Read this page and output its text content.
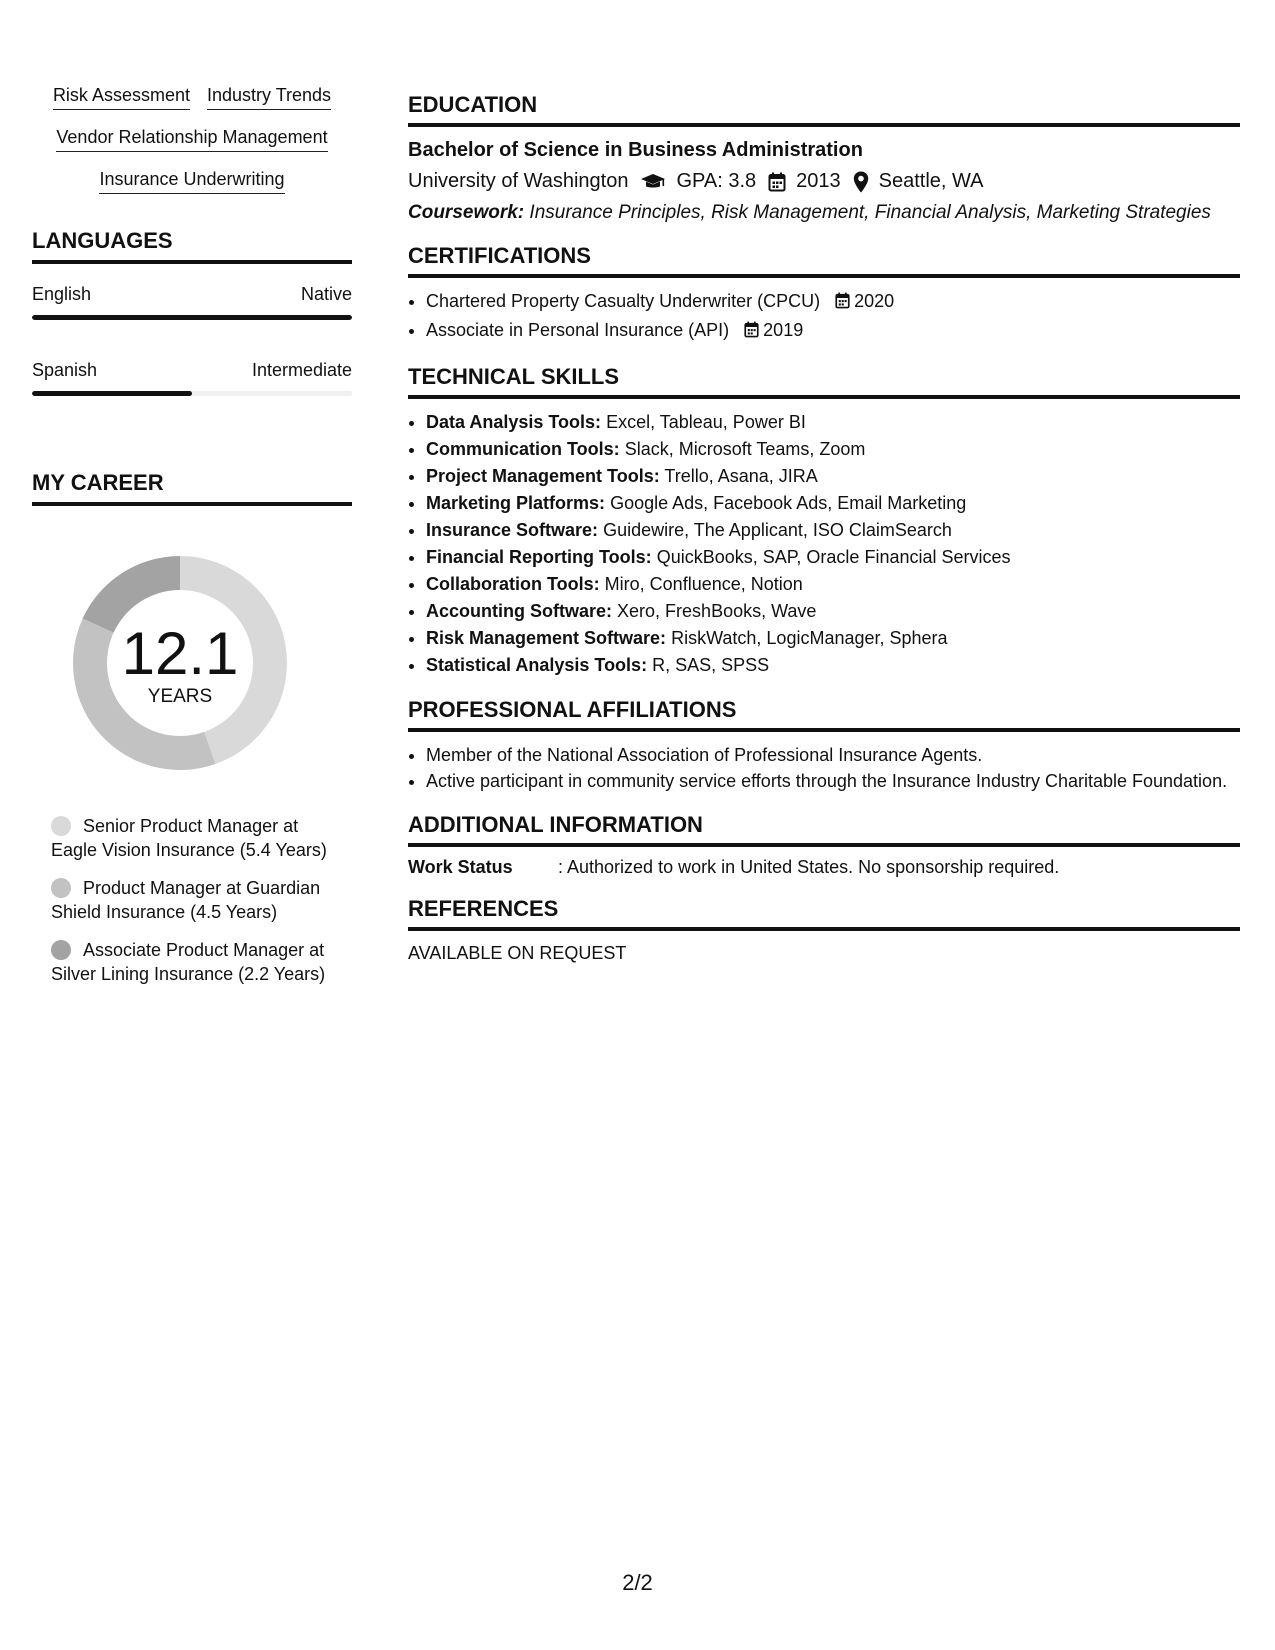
Risk Assessment Industry Trends
Vendor Relationship Management
Insurance Underwriting
LANGUAGES
English	Native
Spanish	Intermediate
MY CAREER
12.1
YEARS
Senior Product Manager at Eagle Vision Insurance (5.4 Years)
Product Manager at Guardian Shield Insurance (4.5 Years)
Associate Product Manager at Silver Lining Insurance (2.2 Years)
EDUCATION
Bachelor of Science in Business Administration
University of Washington GPA: 3.8 2013 Seattle, WA
Coursework: Insurance Principles, Risk Management, Financial Analysis, Marketing Strategies
CERTIFICATIONS
• Chartered Property Casualty Underwriter (CPCU) 2020
• Associate in Personal Insurance (API) 2019
TECHNICAL SKILLS
• Data Analysis Tools: Excel, Tableau, Power BI
• Communication Tools: Slack, Microsoft Teams, Zoom
• Project Management Tools: Trello, Asana, JIRA
• Marketing Platforms: Google Ads, Facebook Ads, Email Marketing
• Insurance Software: Guidewire, The Applicant, ISO ClaimSearch
• Financial Reporting Tools: QuickBooks, SAP, Oracle Financial Services
• Collaboration Tools: Miro, Confluence, Notion
• Accounting Software: Xero, FreshBooks, Wave
• Risk Management Software: RiskWatch, LogicManager, Sphera
• Statistical Analysis Tools: R, SAS, SPSS
PROFESSIONAL AFFILIATIONS
• Member of the National Association of Professional Insurance Agents.
• Active participant in community service efforts through the Insurance Industry Charitable Foundation.
ADDITIONAL INFORMATION
Work Status	: Authorized to work in United States. No sponsorship required.
REFERENCES
AVAILABLE ON REQUEST
2/2
